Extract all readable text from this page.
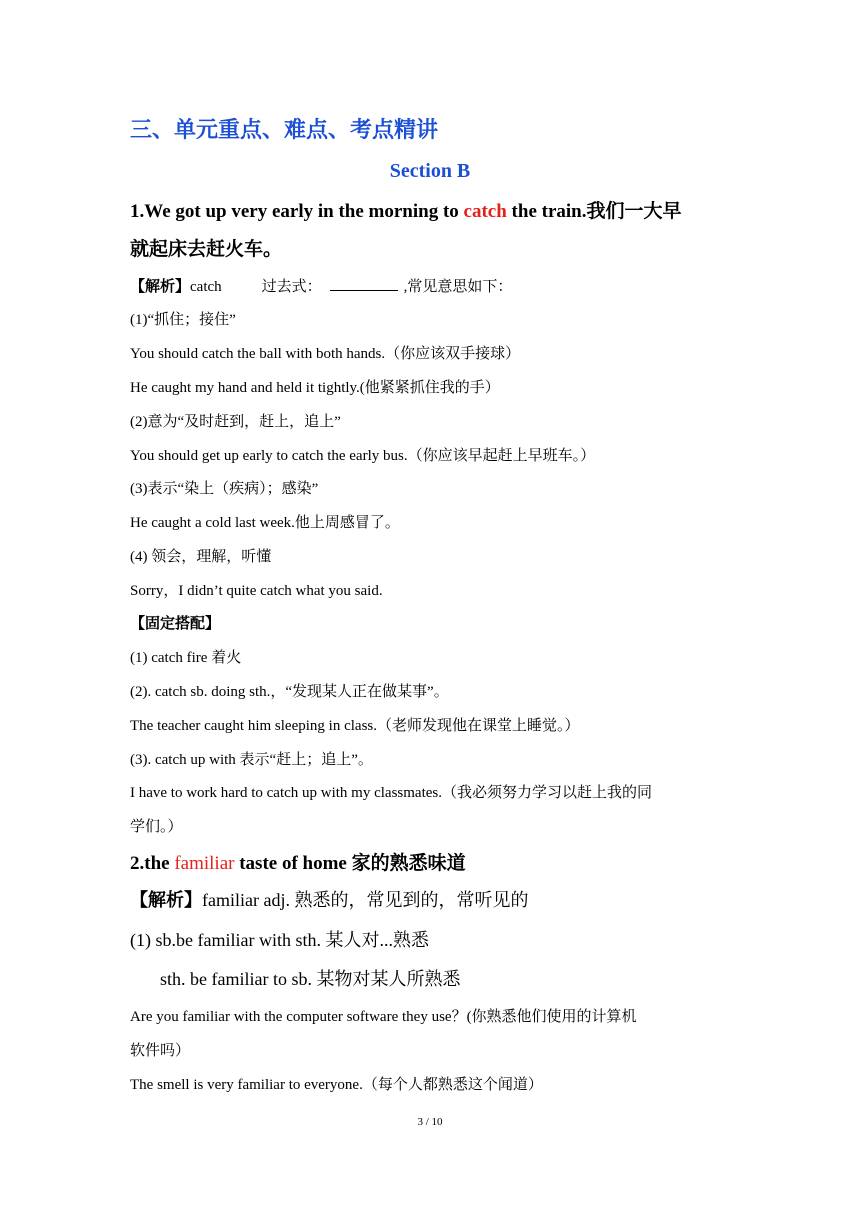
三、单元重点、难点、考点精讲
Section B
1.We got up very early in the morning to catch the train.我们一大早
就起床去赶火车。
【解析】catch	过去式：	,常见意思如下：
(1)“抓住；接住”
You should catch the ball with both hands.（你应该双手接球）
He caught my hand and held it tightly.(他紧紧抓住我的手）
(2)意为“及时赶到，赶上，追上”
You should get up early to catch the early bus.（你应该早起赶上早班车。）
(3)表示“染上（疾病）；感染”
He caught a cold last week.他上周感冒了。
(4) 领会，理解，听懂
Sorry，I didn’t quite catch what you said.
【固定搭配】
(1) catch fire 着火
(2). catch sb. doing sth.，“发现某人正在做某事”。
The teacher caught him sleeping in class.（老师发现他在课堂上睡觉。）
(3). catch up with 表示“赶上；追上”。
I have to work hard to catch up with my classmates.（我必须努力学习以赶上我的同
学们。）
2.the familiar taste of home 家的熟悉味道
【解析】familiar adj. 熟悉的，常见到的，常听见的
(1) sb.be familiar with sth. 某人对...熟悉
sth. be familiar to sb. 某物对某人所熟悉
Are you familiar with the computer software they use？(你熟悉他们使用的计算机
软件吗）
The smell is very familiar to everyone.（每个人都熟悉这个闻道）
3 / 10
